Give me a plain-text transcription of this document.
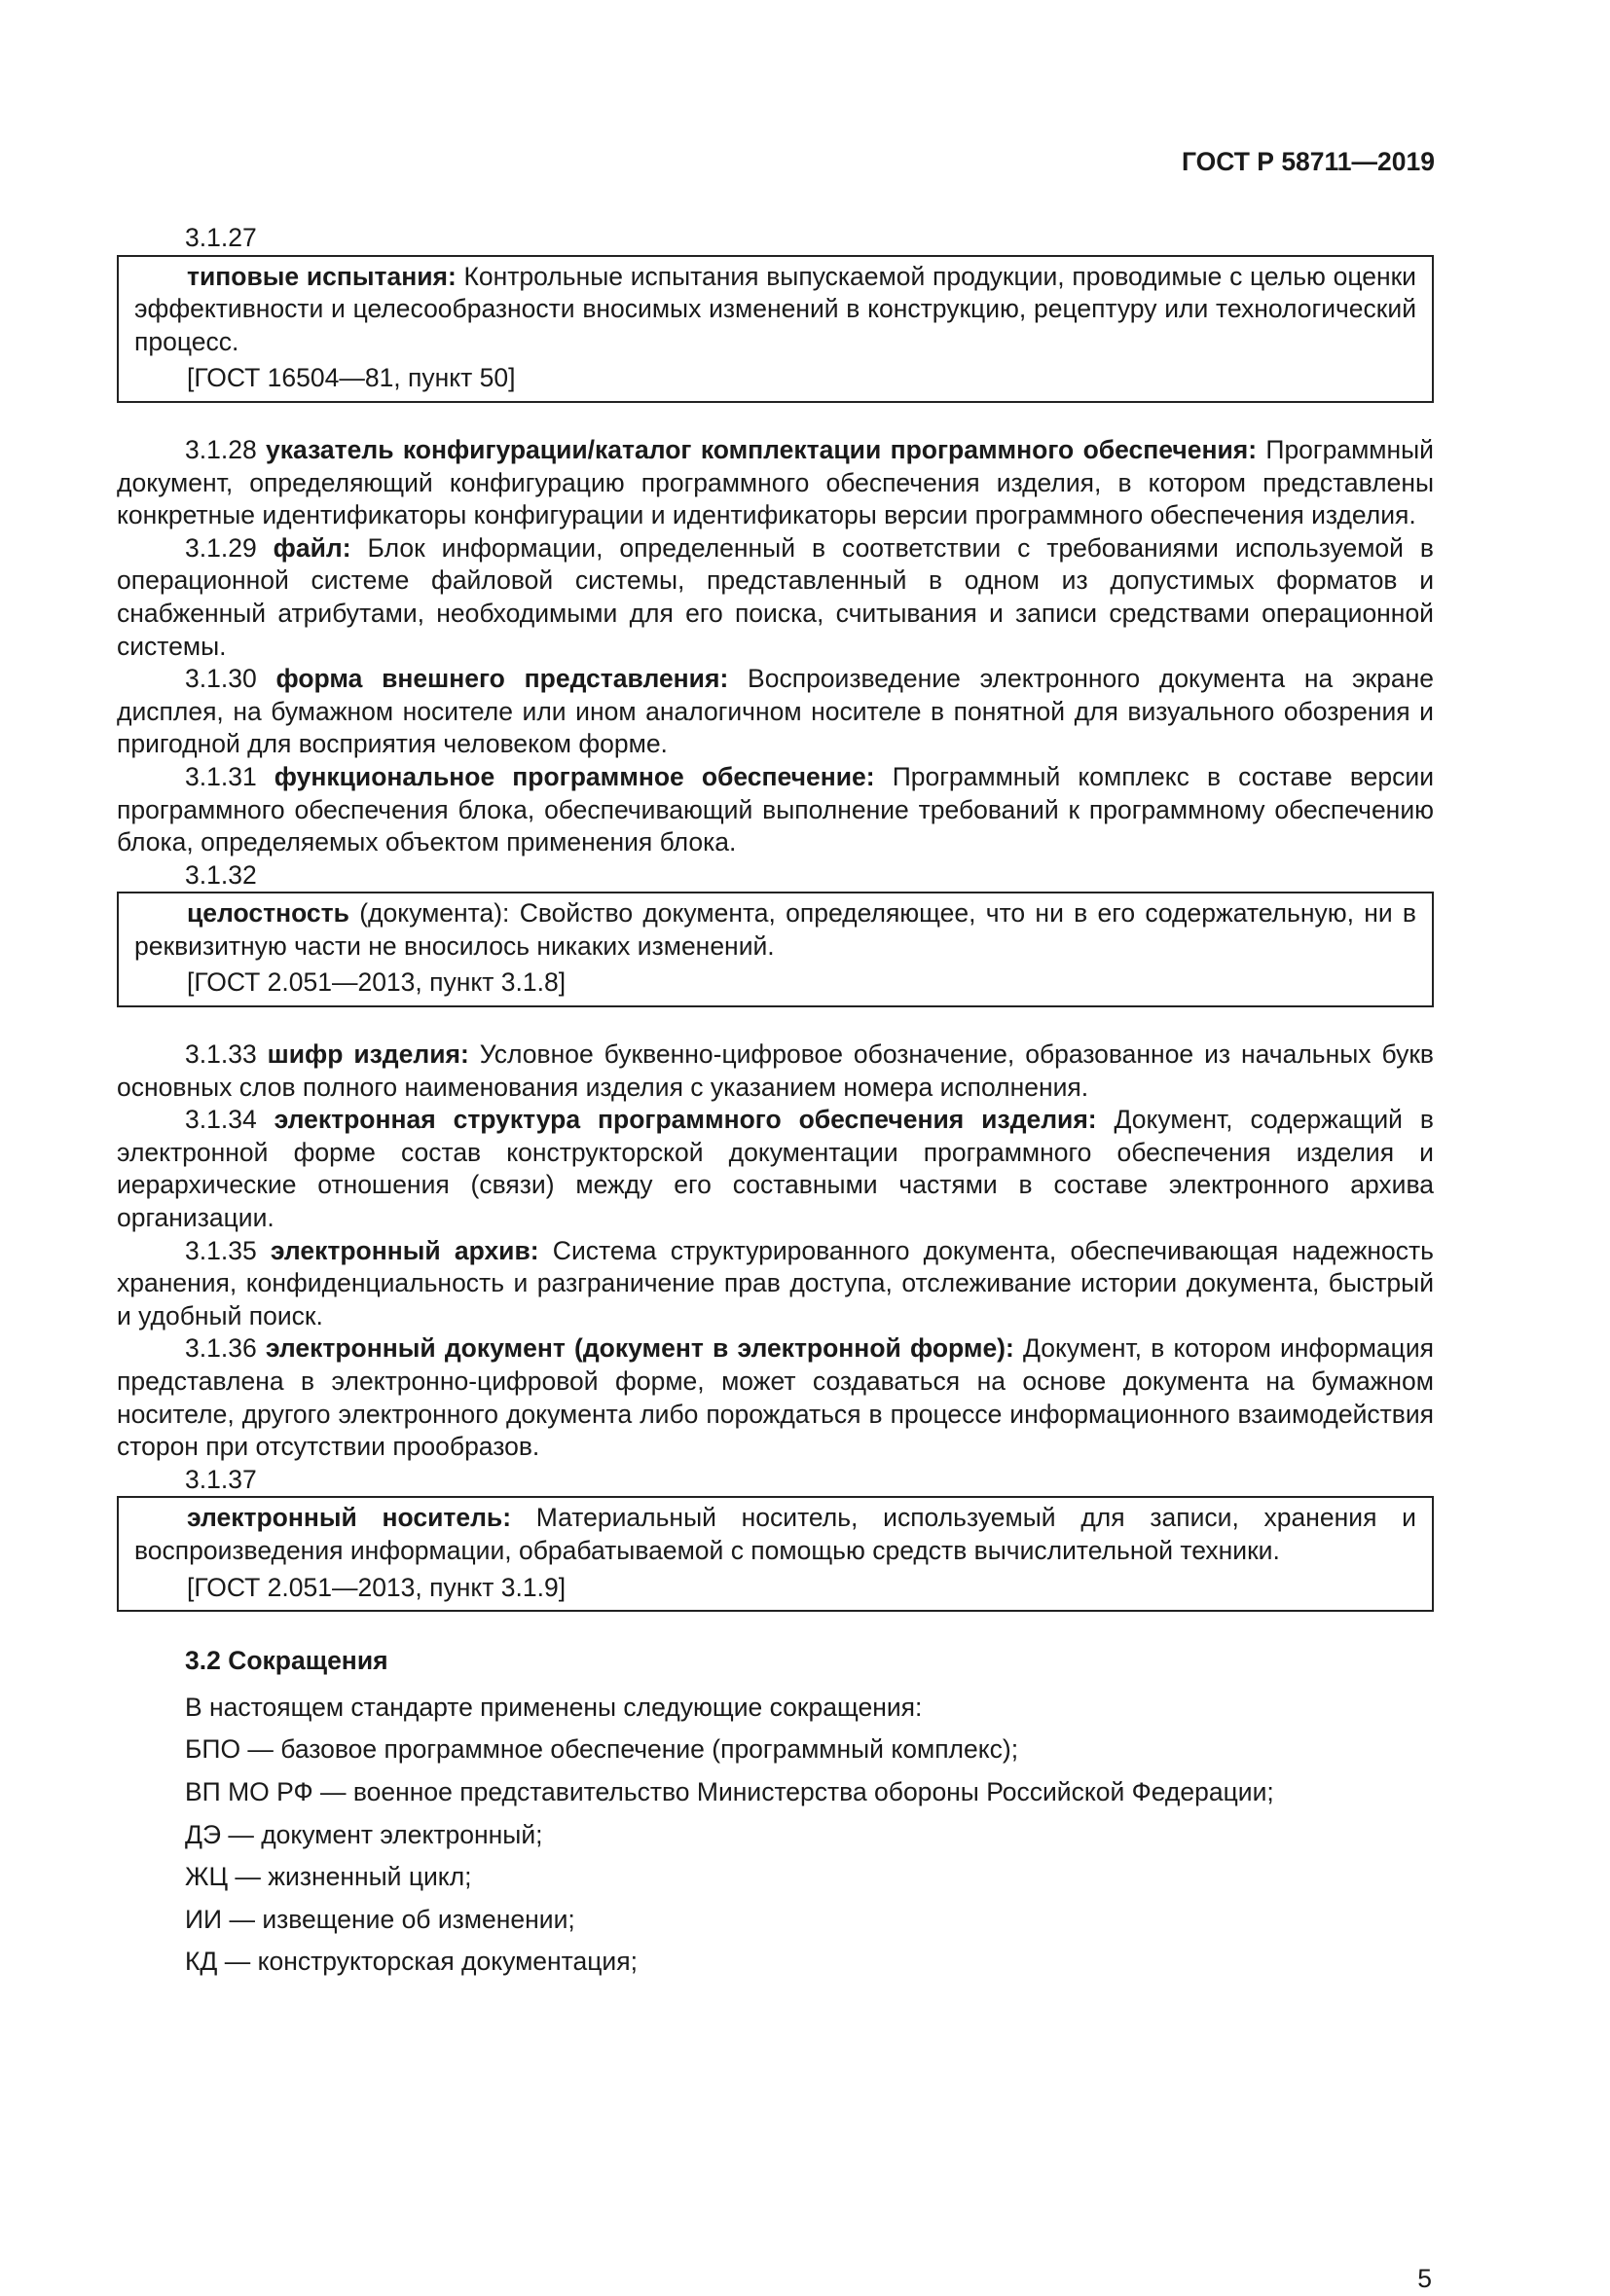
ГОСТ Р 58711—2019
3.1.27

типовые испытания: Контрольные испытания выпускаемой продукции, проводимые с целью оценки эффективности и целесообразности вносимых изменений в конструкцию, рецептуру или технологический процесс.

[ГОСТ 16504—81, пункт 50]

3.1.28 указатель конфигурации/каталог комплектации программного обеспечения: Программный документ, определяющий конфигурацию программного обеспечения изделия, в котором представлены конкретные идентификаторы конфигурации и идентификаторы версии программного обеспечения изделия.

3.1.29 файл: Блок информации, определенный в соответствии с требованиями используемой в операционной системе файловой системы, представленный в одном из допустимых форматов и снабженный атрибутами, необходимыми для его поиска, считывания и записи средствами операционной системы.

3.1.30 форма внешнего представления: Воспроизведение электронного документа на экране дисплея, на бумажном носителе или ином аналогичном носителе в понятной для визуального обозрения и пригодной для восприятия человеком форме.

3.1.31 функциональное программное обеспечение: Программный комплекс в составе версии программного обеспечения блока, обеспечивающий выполнение требований к программному обеспечению блока, определяемых объектом применения блока.

3.1.32

целостность (документа): Свойство документа, определяющее, что ни в его содержательную, ни в реквизитную части не вносилось никаких изменений.

[ГОСТ 2.051—2013, пункт 3.1.8]

3.1.33 шифр изделия: Условное буквенно-цифровое обозначение, образованное из начальных букв основных слов полного наименования изделия с указанием номера исполнения.

3.1.34 электронная структура программного обеспечения изделия: Документ, содержащий в электронной форме состав конструкторской документации программного обеспечения изделия и иерархические отношения (связи) между его составными частями в составе электронного архива организации.

3.1.35 электронный архив: Система структурированного документа, обеспечивающая надежность хранения, конфиденциальность и разграничение прав доступа, отслеживание истории документа, быстрый и удобный поиск.

3.1.36 электронный документ (документ в электронной форме): Документ, в котором информация представлена в электронно-цифровой форме, может создаваться на основе документа на бумажном носителе, другого электронного документа либо порождаться в процессе информационного взаимодействия сторон при отсутствии прообразов.

3.1.37

электронный носитель: Материальный носитель, используемый для записи, хранения и воспроизведения информации, обрабатываемой с помощью средств вычислительной техники.

[ГОСТ 2.051—2013, пункт 3.1.9]

3.2 Сокращения
В настоящем стандарте применены следующие сокращения:
БПО — базовое программное обеспечение (программный комплекс);
ВП МО РФ — военное представительство Министерства обороны Российской Федерации;
ДЭ — документ электронный;
ЖЦ — жизненный цикл;
ИИ — извещение об изменении;
КД — конструкторская документация;
5
